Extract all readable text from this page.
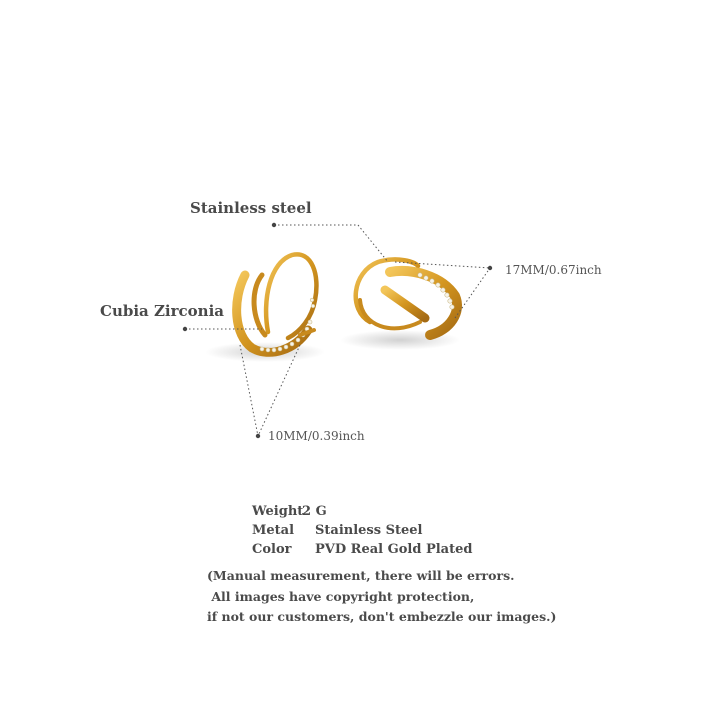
Stainless steel
Cubia Zirconia
17MM/0.67inch
10MM/0.39inch
Weight
2 G
Metal Stainless Steel
Color PVD Real Gold Plated
(Manual measurement, there will be errors.
All images have copyright protection,
if not our customers, don't embezzle our images.)
